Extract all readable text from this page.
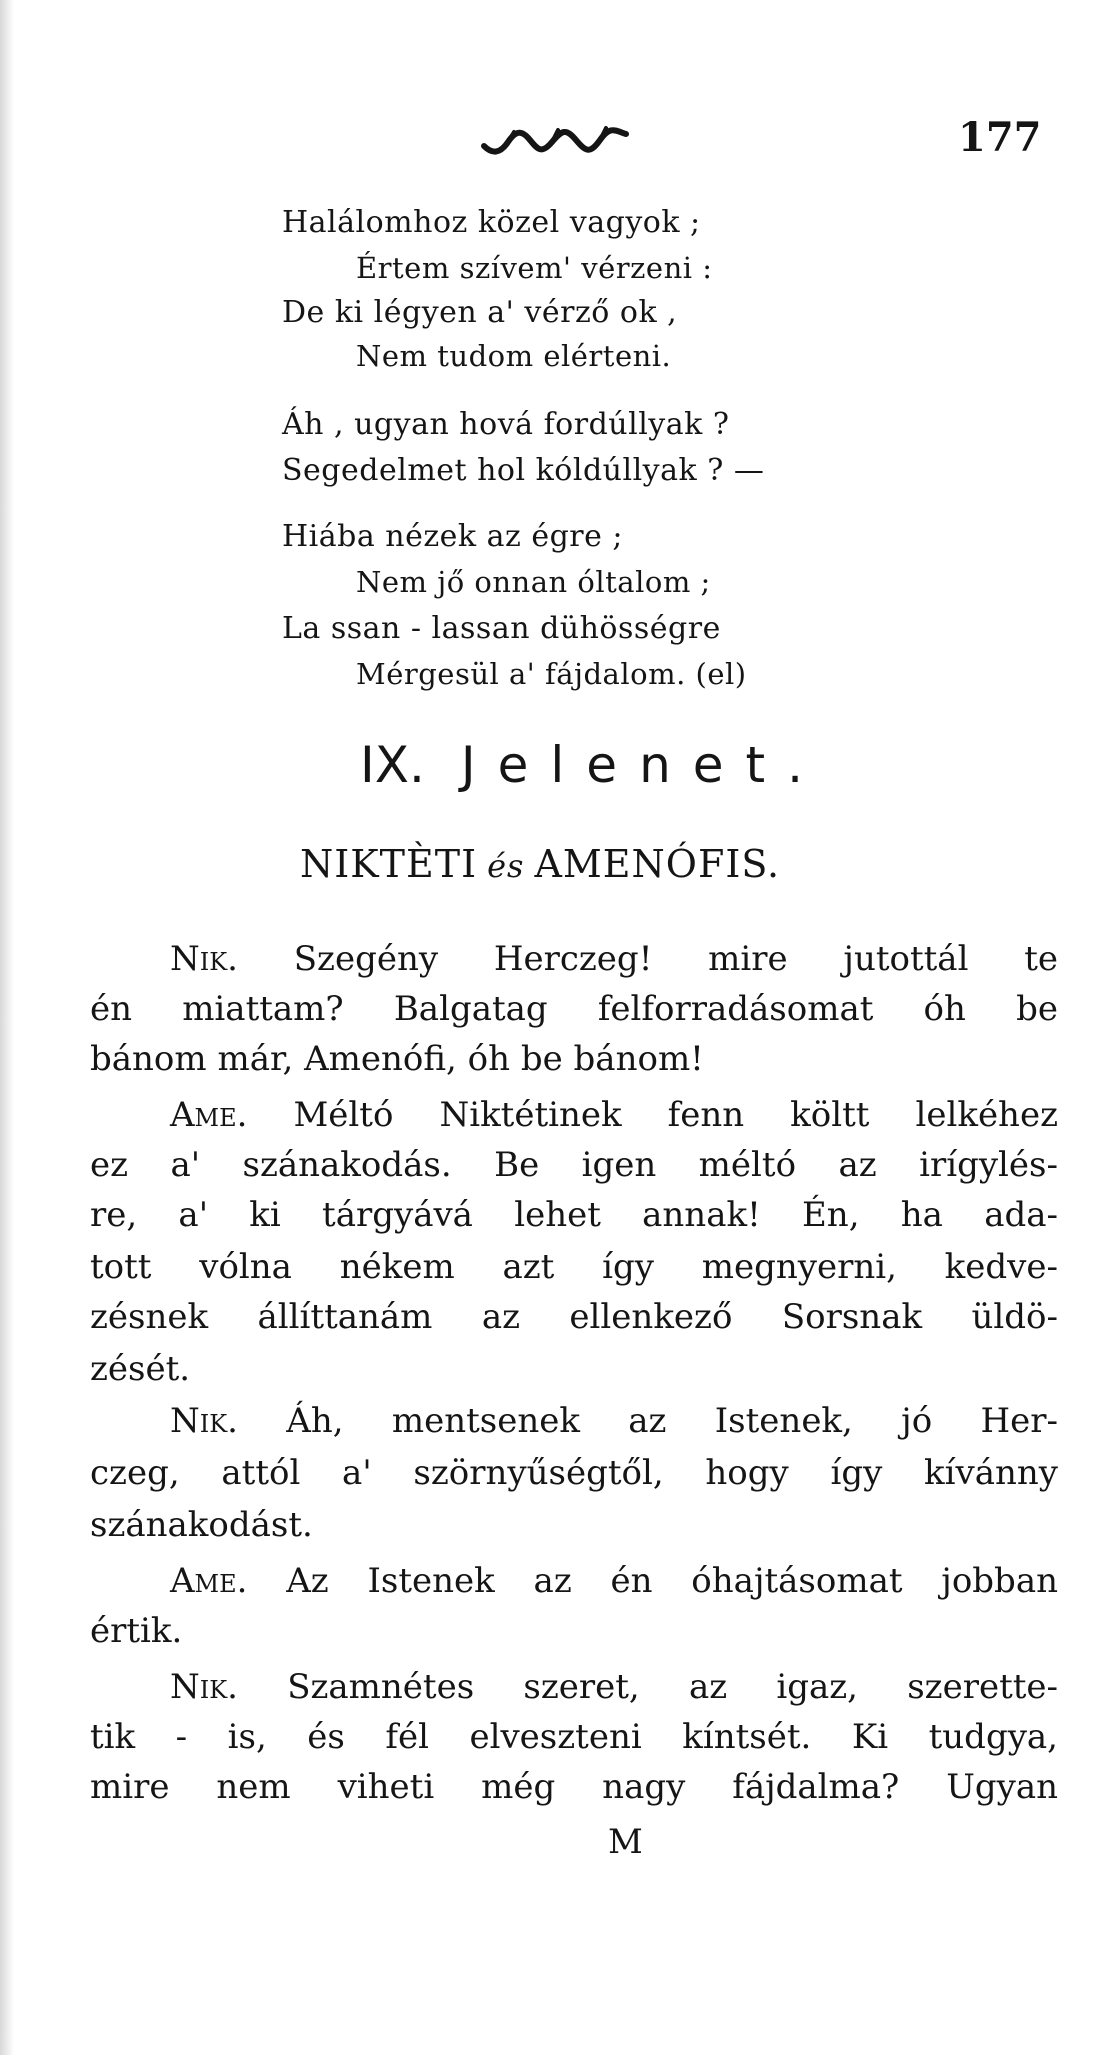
177
Halálomhoz közel vagyok ;
Értem szívem' vérzeni :
De ki légyen a' vérző ok ,
Nem tudom elérteni.
Áh , ugyan hová fordúllyak ?
Segedelmet hol kóldúllyak ? —
Hiába nézek az égre ;
Nem jő onnan óltalom ;
La ssan - lassan dühösségre
Mérgesül a' fájdalom. (el)
IX. Jelenet.
NIKTÈTI és AMENÓFIS.
Nik. Szegény Herczeg! mire jutottál te
én miattam? Balgatag felforradásomat óh be
bánom már, Amenófi, óh be bánom!
Ame. Méltó Niktétinek fenn költt lelkéhez
ez a' szánakodás. Be igen méltó az irígylés-
re, a' ki tárgyává lehet annak! Én, ha ada-
tott vólna nékem azt így megnyerni, kedve-
zésnek állíttanám az ellenkező Sorsnak üldö-
zését.
Nik. Áh, mentsenek az Istenek, jó Her-
czeg, attól a' szörnyűségtől, hogy így kívánny
szánakodást.
Ame. Az Istenek az én óhajtásomat jobban
értik.
Nik. Szamnétes szeret, az igaz, szerette-
tik - is, és fél elveszteni kíntsét. Ki tudgya,
mire nem viheti még nagy fájdalma? Ugyan
M
